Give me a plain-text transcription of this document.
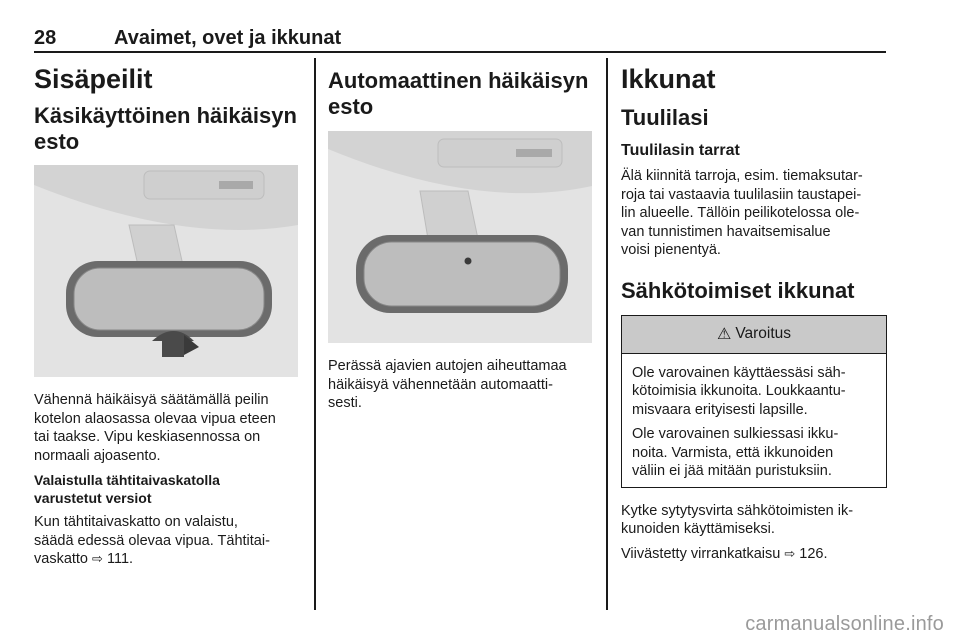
28	Avaimet, ovet ja ikkunat
Sisäpeilit
Käsikäyttöinen häikäisyn
esto
Vähennä häikäisyä säätämällä peilin
kotelon alaosassa olevaa vipua eteen
tai taakse. Vipu keskiasennossa on
normaali ajoasento.
Valaistulla tähtitaivaskatolla
varustetut versiot
Kun tähtitaivaskatto on valaistu,
säädä edessä olevaa vipua. Tähtitai-
vaskatto ⇨ 111.
Automaattinen häikäisyn
esto
Perässä ajavien autojen aiheuttamaa
häikäisyä vähennetään automaatti-
sesti.
Ikkunat
Tuulilasi
Tuulilasin tarrat
Älä kiinnitä tarroja, esim. tiemaksutar-
roja tai vastaavia tuulilasiin taustapei-
lin alueelle. Tällöin peilikotelossa ole-
van tunnistimen havaitsemisalue
voisi pienentyä.
Sähkötoimiset ikkunat
⚠ Varoitus
Ole varovainen käyttäessäsi säh-
kötoimisia ikkunoita. Loukkaantu-
misvaara erityisesti lapsille.
Ole varovainen sulkiessasi ikku-
noita. Varmista, että ikkunoiden
väliin ei jää mitään puristuksiin.
Kytke sytytysvirta sähkötoimisten ik-
kunoiden käyttämiseksi.
Viivästetty virrankatkaisu ⇨ 126.
carmanualsonline.info
